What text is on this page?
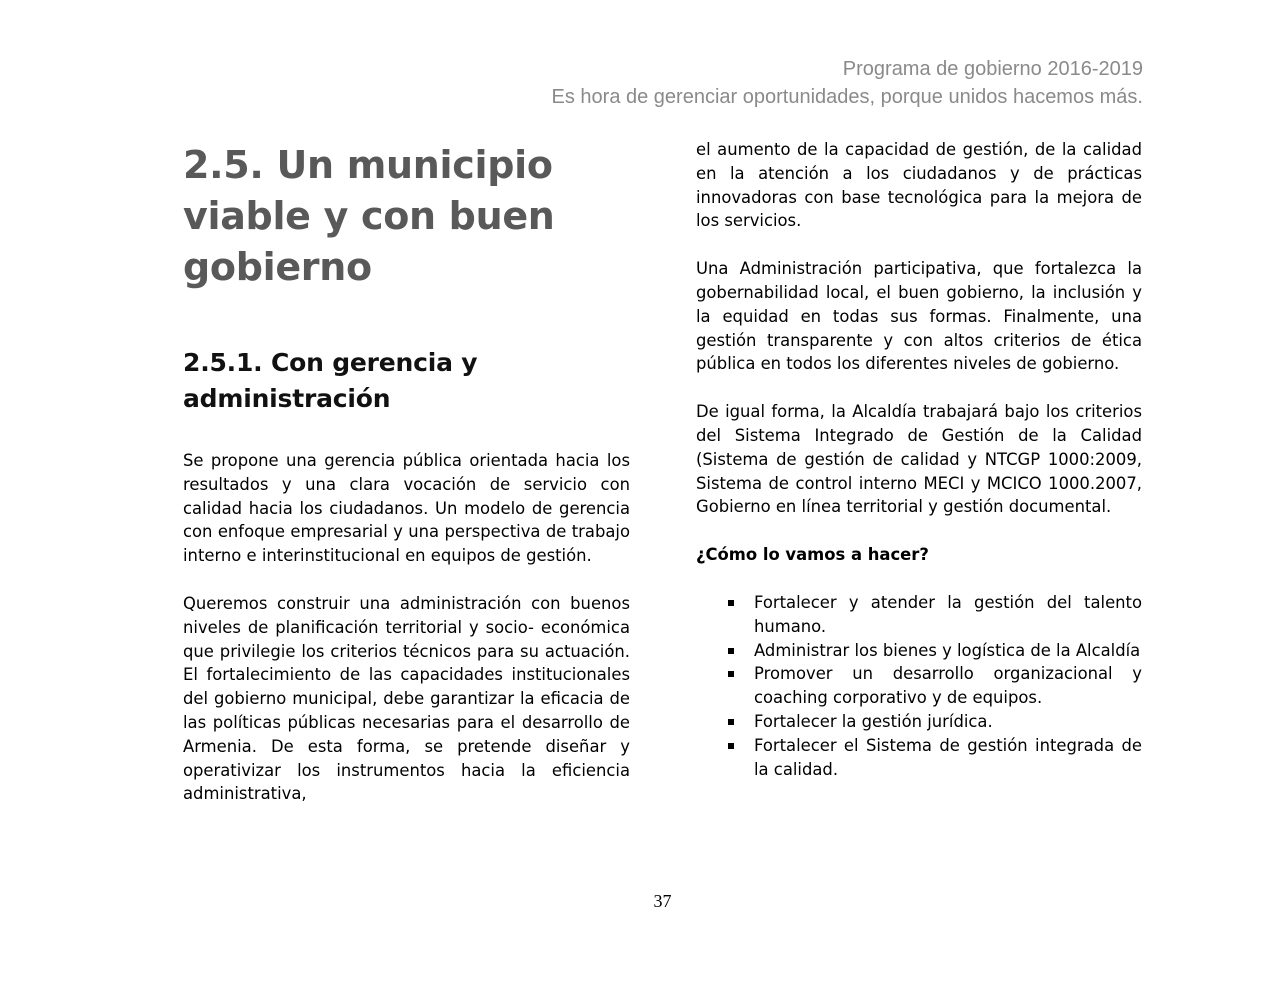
Programa de gobierno 2016-2019
Es hora de gerenciar oportunidades, porque unidos hacemos más.
2.5. Un municipio viable y con buen gobierno
2.5.1. Con gerencia y administración

Se propone una gerencia pública orientada hacia los resultados y una clara vocación de servicio con calidad hacia los ciudadanos. Un modelo de gerencia con enfoque empresarial y una perspectiva de trabajo interno e interinstitucional en equipos de gestión.

Queremos construir una administración con buenos niveles de planificación territorial y socio- económica que privilegie los criterios técnicos para su actuación. El fortalecimiento de las capacidades institucionales del gobierno municipal, debe garantizar la eficacia de las políticas públicas necesarias para el desarrollo de Armenia. De esta forma, se pretende diseñar y operativizar los instrumentos hacia la eficiencia administrativa,

el aumento de la capacidad de gestión, de la calidad en la atención a los ciudadanos y de prácticas innovadoras con base tecnológica para la mejora de los servicios.

Una Administración participativa, que fortalezca la gobernabilidad local, el buen gobierno, la inclusión y la equidad en todas sus formas. Finalmente, una gestión transparente y con altos criterios de ética pública en todos los diferentes niveles de gobierno.

De igual forma, la Alcaldía trabajará bajo los criterios del Sistema Integrado de Gestión de la Calidad (Sistema de gestión de calidad y NTCGP 1000:2009, Sistema de control interno MECI y MCICO 1000.2007, Gobierno en línea territorial y gestión documental.

¿Cómo lo vamos a hacer?

Fortalecer y atender la gestión del talento humano.
Administrar los bienes y logística de la Alcaldía
Promover un desarrollo organizacional y coaching corporativo y de equipos.
Fortalecer la gestión jurídica.
Fortalecer el Sistema de gestión integrada de la calidad.
37
